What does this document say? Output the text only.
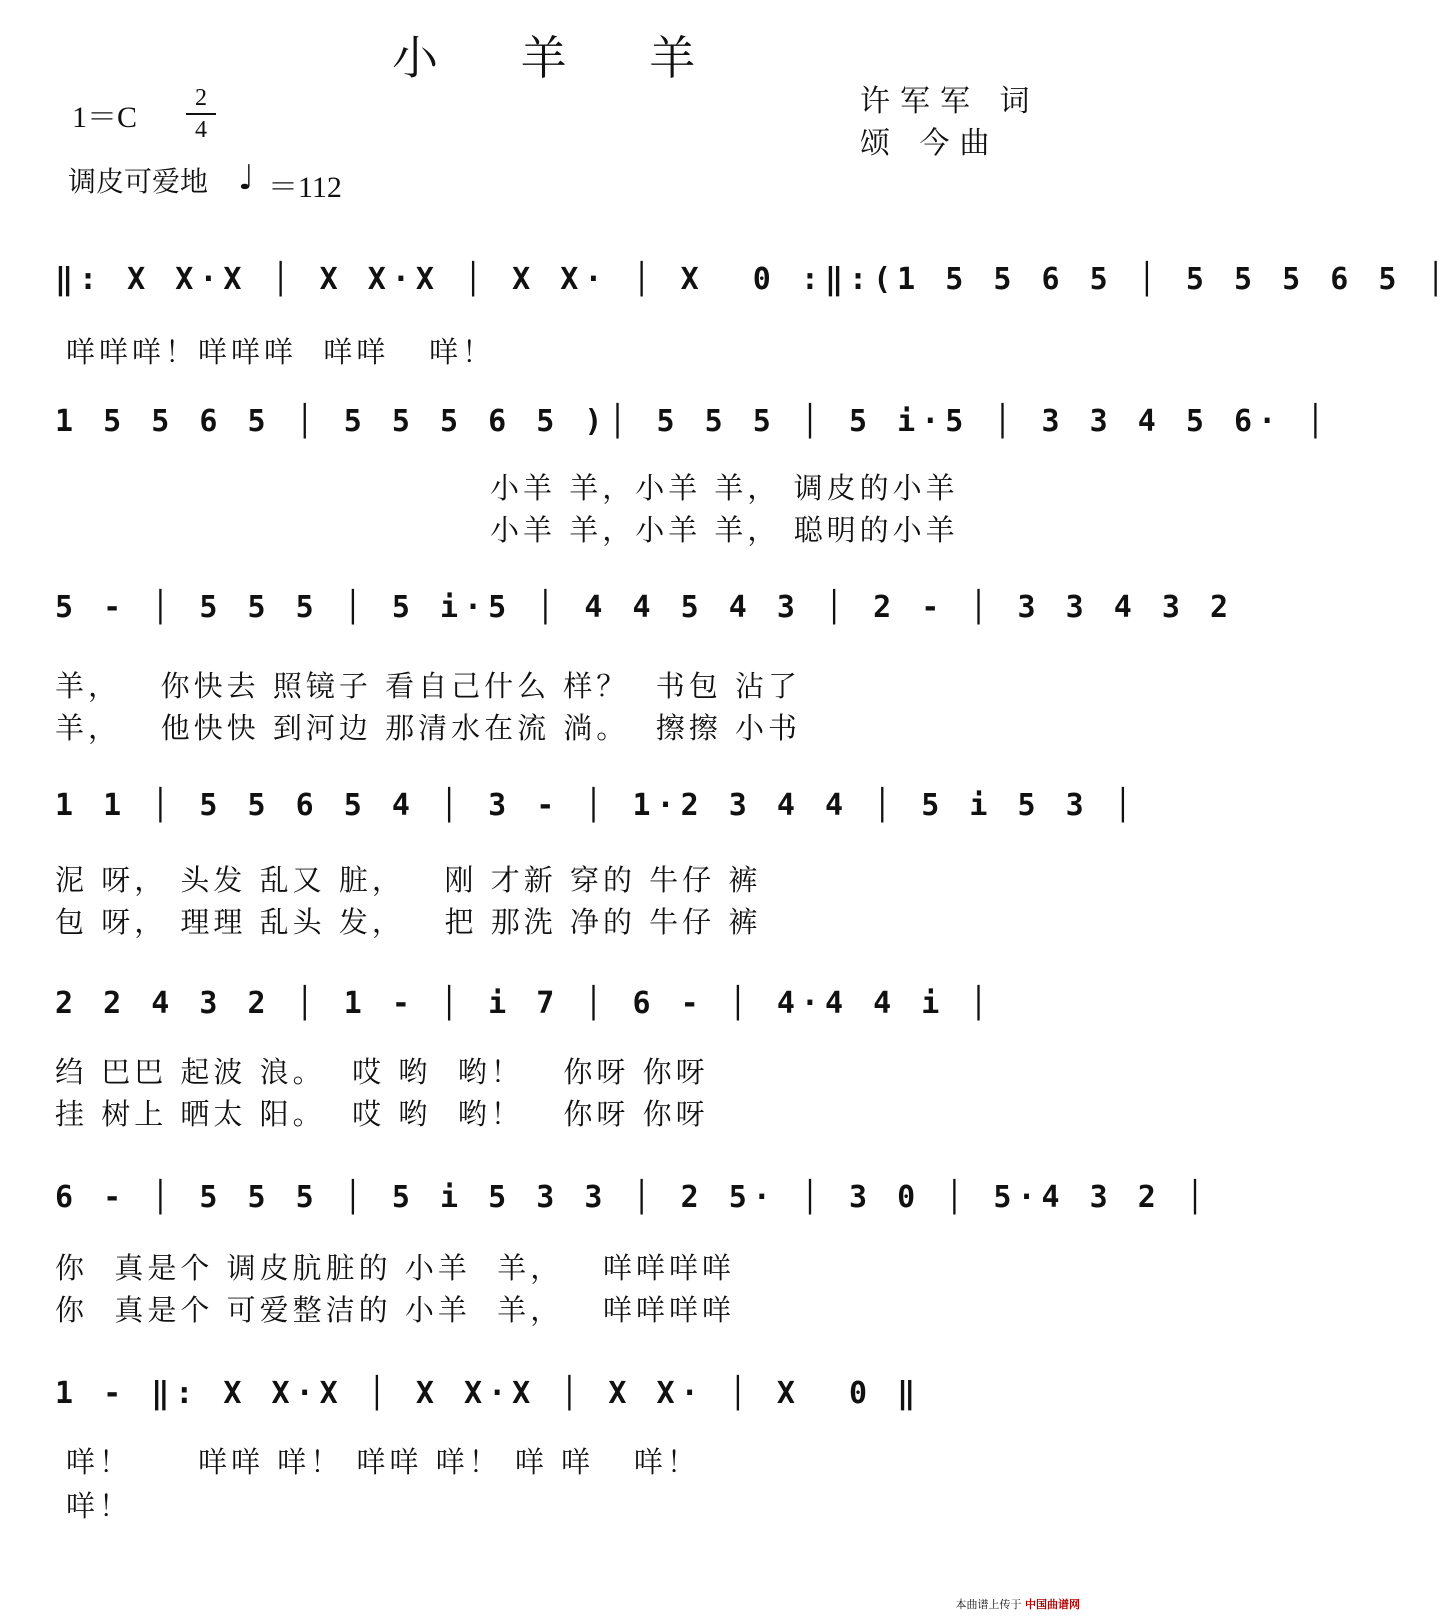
小 羊 羊
许军军 词
颂 今曲
1＝C
2
4
调皮可爱地 ♩ ＝112
‖: X X·X │ X X·X │ X X· │ X  0 :‖:(1 5 5 6 5 │ 5 5 5 6 5 │
咩咩咩！咩咩咩  咩咩   咩！
1 5 5 6 5 │ 5 5 5 6 5 )│ 5 5 5 │ 5 i·5 │ 3 3 4 5 6· │
小羊 羊，小羊 羊， 调皮的小羊
小羊 羊，小羊 羊， 聪明的小羊
5 - │ 5 5 5 │ 5 i·5 │ 4 4 5 4 3 │ 2 - │ 3 3 4 3 2
羊，   你快去 照镜子 看自己什么 样？  书包 沾了
羊，   他快快 到河边 那清水在流 淌。  擦擦 小书
1 1 │ 5 5 6 5 4 │ 3 - │ 1·2 3 4 4 │ 5 i 5 3 │
泥 呀， 头发 乱又 脏，   刚 才新 穿的 牛仔 裤
包 呀， 理理 乱头 发，   把 那洗 净的 牛仔 裤
2 2 4 3 2 │ 1 - │ i 7 │ 6 - │ 4·4 4 i │
绉 巴巴 起波 浪。  哎 哟  哟！   你呀 你呀
挂 树上 晒太 阳。  哎 哟  哟！   你呀 你呀
6 - │ 5 5 5 │ 5 i 5 3 3 │ 2 5· │ 3 0 │ 5·4 3 2 │
你  真是个 调皮肮脏的 小羊  羊，   咩咩咩咩
你  真是个 可爱整洁的 小羊  羊，   咩咩咩咩
1 - ‖: X X·X │ X X·X │ X X· │ X  0 ‖
咩！     咩咩 咩！ 咩咩 咩！ 咩 咩   咩！
咩！
本曲谱上传于 中国曲谱网
